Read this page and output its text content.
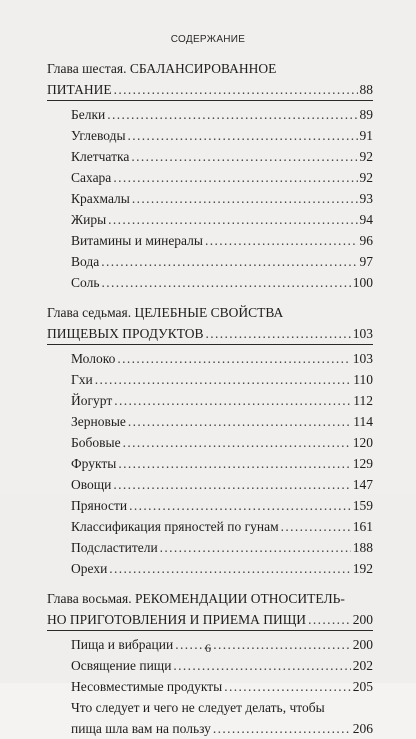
СОДЕРЖАНИЕ
Глава шестая. СБАЛАНСИРОВАННОЕ
ПИТАНИЕ . . .	88
Белки . . .	89
Углеводы . . .	91
Клетчатка . . .	92
Сахара . . .	92
Крахмалы . . .	93
Жиры . . .	94
Витамины и минералы . . .	96
Вода . . .	97
Соль . . .	100
Глава седьмая. ЦЕЛЕБНЫЕ СВОЙСТВА
ПИЩЕВЫХ ПРОДУКТОВ . . .	103
Молоко . . .	103
Гхи . . .	110
Йогурт . . .	112
Зерновые . . .	114
Бобовые . . .	120
Фрукты . . .	129
Овощи . . .	147
Пряности . . .	159
Классификация пряностей по гунам . . .	161
Подсластители . . .	188
Орехи . . .	192
Глава восьмая. РЕКОМЕНДАЦИИ ОТНОСИТЕЛЬ-
НО ПРИГОТОВЛЕНИЯ И ПРИЕМА ПИЩИ . . .	200
Пища и вибрации . . .	200
Освящение пищи . . .	202
Несовместимые продукты . . .	205
Что следует и чего не следует делать, чтобы
пища шла вам на пользу . . .	206
6
